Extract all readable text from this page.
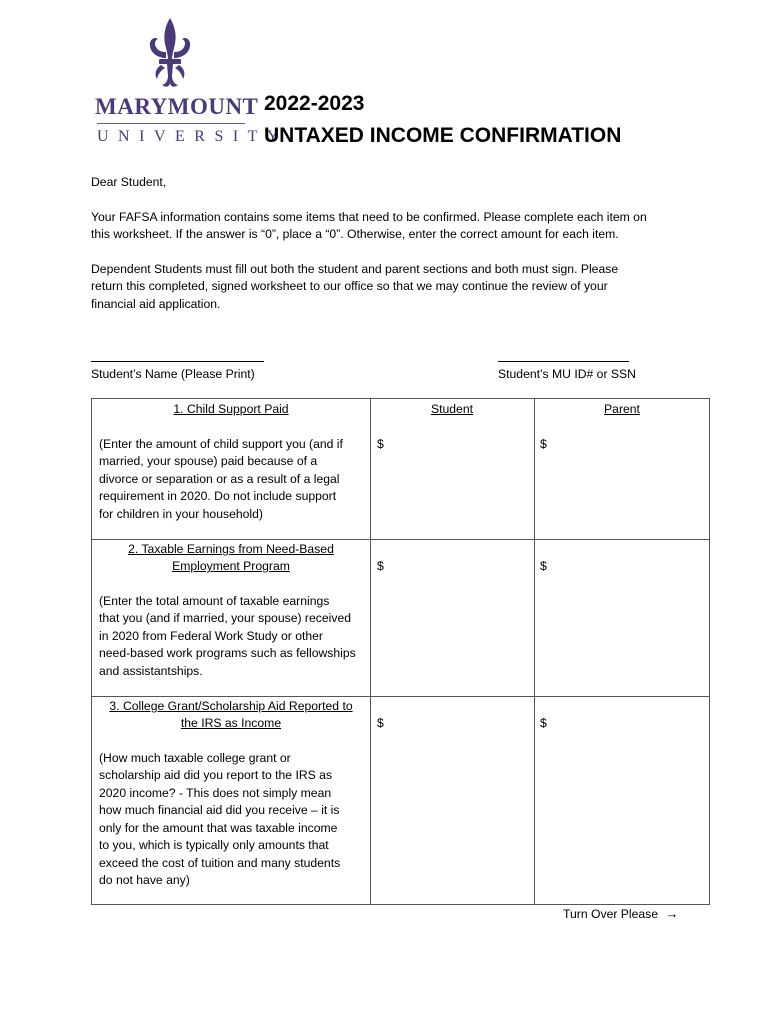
MARYMOUNT
UNIVERSITY
2022-2023
UNTAXED INCOME CONFIRMATION
Dear Student,
Your FAFSA information contains some items that need to be confirmed. Please complete each item on
this worksheet. If the answer is “0”, place a “0”. Otherwise, enter the correct amount for each item.
Dependent Students must fill out both the student and parent sections and both must sign. Please
return this completed, signed worksheet to our office so that we may continue the review of your
financial aid application.
Student’s Name (Please Print)	Student’s MU ID# or SSN
1. Child Support Paid	Student	Parent
(Enter the amount of child support you (and if
married, your spouse) paid because of a
divorce or separation or as a result of a legal
requirement in 2020. Do not include support
for children in your household)
$	$
2. Taxable Earnings from Need-Based
Employment Program
(Enter the total amount of taxable earnings
that you (and if married, your spouse) received
in 2020 from Federal Work Study or other
need-based work programs such as fellowships
and assistantships.
$	$
3. College Grant/Scholarship Aid Reported to
the IRS as Income
(How much taxable college grant or
scholarship aid did you report to the IRS as
2020 income? - This does not simply mean
how much financial aid did you receive – it is
only for the amount that was taxable income
to you, which is typically only amounts that
exceed the cost of tuition and many students
do not have any)
$	$
Turn Over Please →
